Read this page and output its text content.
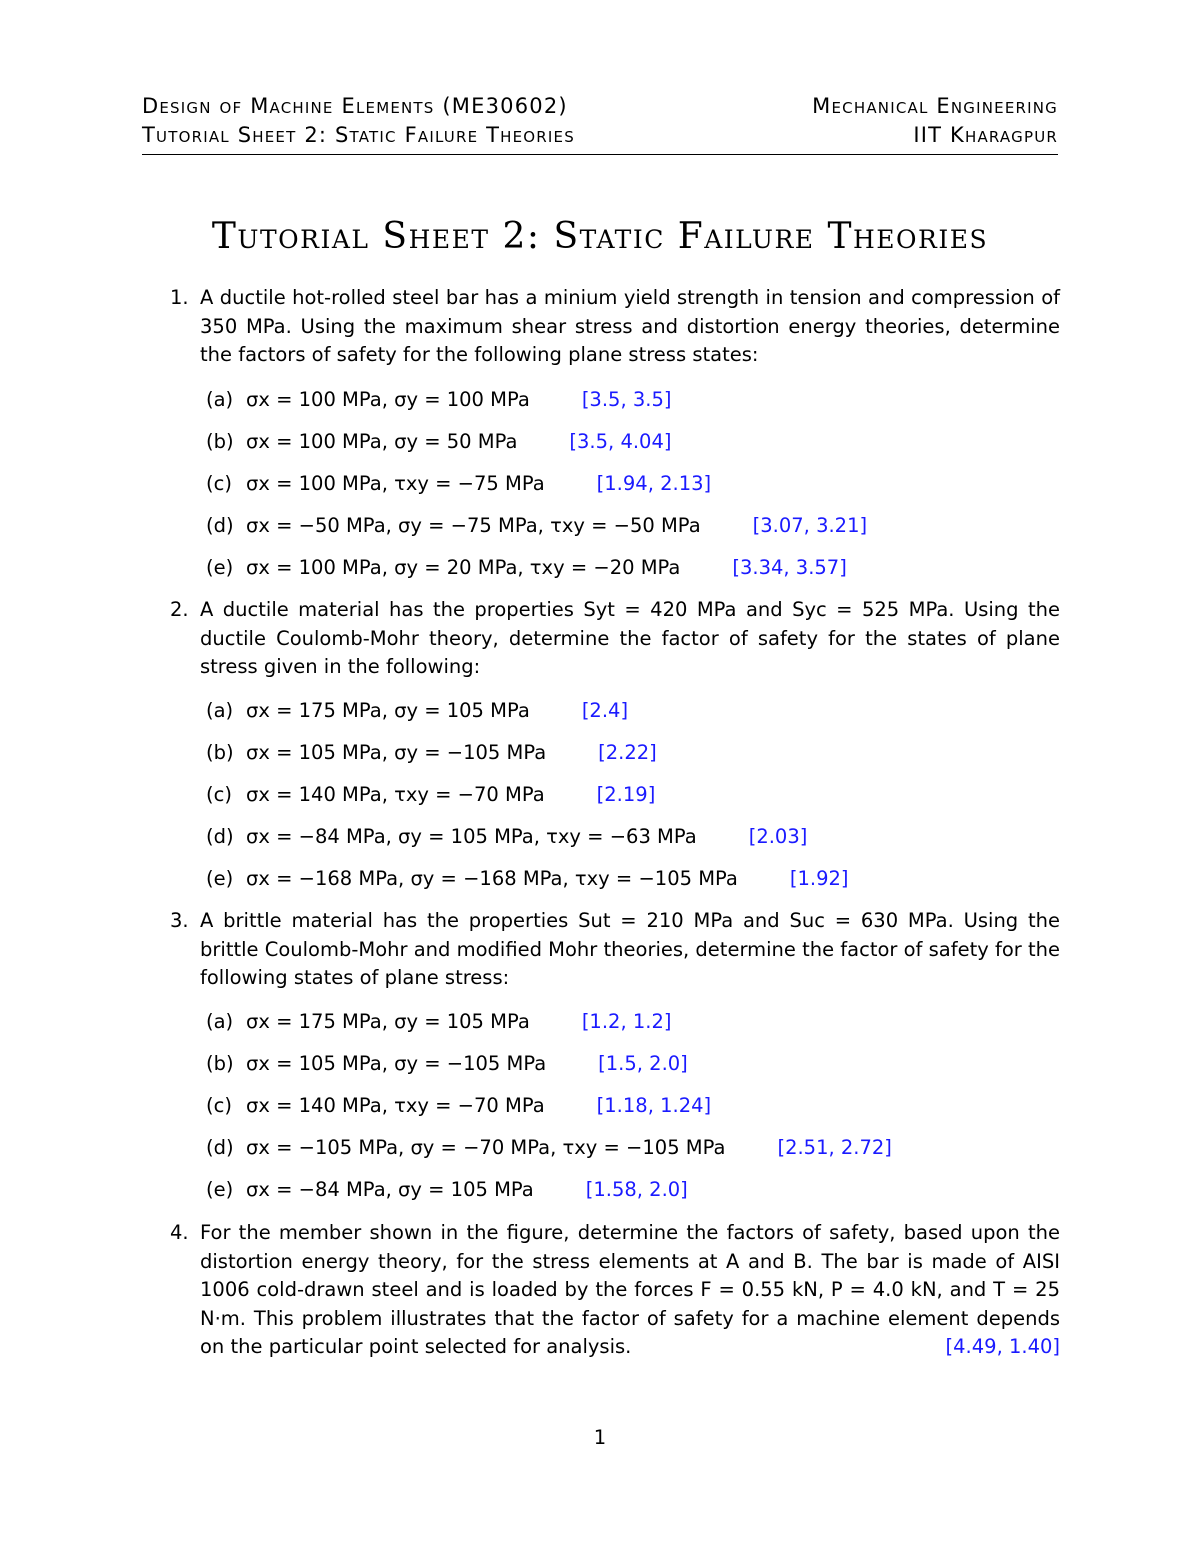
Design of Machine Elements (ME30602)
Tutorial Sheet 2: Static Failure Theories
Mechanical Engineering
IIT Kharagpur
Tutorial Sheet 2: Static Failure Theories
1. A ductile hot-rolled steel bar has a minium yield strength in tension and compression of 350 MPa. Using the maximum shear stress and distortion energy theories, determine the factors of safety for the following plane stress states:
(a) σx = 100 MPa, σy = 100 MPa	[3.5, 3.5]
(b) σx = 100 MPa, σy = 50 MPa	[3.5, 4.04]
(c) σx = 100 MPa, τxy = −75 MPa	[1.94, 2.13]
(d) σx = −50 MPa, σy = −75 MPa, τxy = −50 MPa	[3.07, 3.21]
(e) σx = 100 MPa, σy = 20 MPa, τxy = −20 MPa	[3.34, 3.57]
2. A ductile material has the properties Syt = 420 MPa and Syc = 525 MPa. Using the ductile Coulomb-Mohr theory, determine the factor of safety for the states of plane stress given in the following:
(a) σx = 175 MPa, σy = 105 MPa	[2.4]
(b) σx = 105 MPa, σy = −105 MPa	[2.22]
(c) σx = 140 MPa, τxy = −70 MPa	[2.19]
(d) σx = −84 MPa, σy = 105 MPa, τxy = −63 MPa	[2.03]
(e) σx = −168 MPa, σy = −168 MPa, τxy = −105 MPa	[1.92]
3. A brittle material has the properties Sut = 210 MPa and Suc = 630 MPa. Using the brittle Coulomb-Mohr and modified Mohr theories, determine the factor of safety for the following states of plane stress:
(a) σx = 175 MPa, σy = 105 MPa	[1.2, 1.2]
(b) σx = 105 MPa, σy = −105 MPa	[1.5, 2.0]
(c) σx = 140 MPa, τxy = −70 MPa	[1.18, 1.24]
(d) σx = −105 MPa, σy = −70 MPa, τxy = −105 MPa	[2.51, 2.72]
(e) σx = −84 MPa, σy = 105 MPa	[1.58, 2.0]
4. For the member shown in the figure, determine the factors of safety, based upon the distortion energy theory, for the stress elements at A and B. The bar is made of AISI 1006 cold-drawn steel and is loaded by the forces F = 0.55 kN, P = 4.0 kN, and T = 25 N·m. This problem illustrates that the factor of safety for a machine element depends on the particular point selected for analysis.	[4.49, 1.40]
1
